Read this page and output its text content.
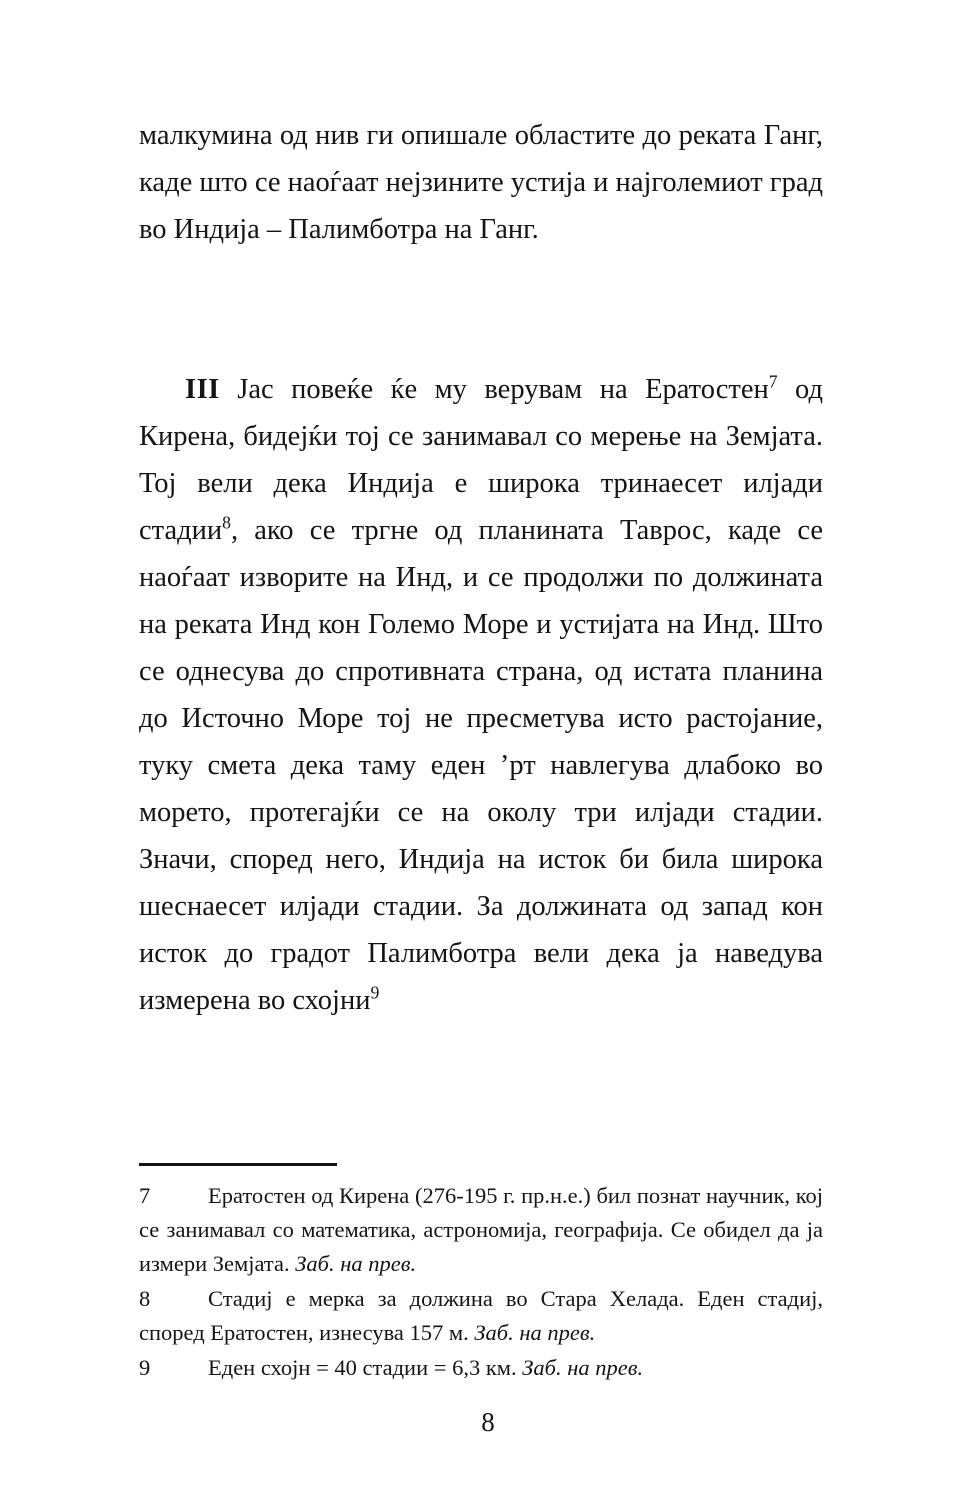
малкумина од нив ги опишале областите до реката Ганг, каде што се наоѓаат нејзините устија и најголемиот град во Индија – Палимботра на Ганг.

III Јас повеќе ќе му верувам на Ератостен$^7$ од Кирена, бидејќи тој се занимавал со мерење на Земјата. Тој вели дека Индија е широка тринаесет илјади стадии$^8$, ако се тргне од планината Таврос, каде се наоѓаат изворите на Инд, и се продолжи по должината на реката Инд кон Големо Море и устијата на Инд. Што се однесува до спротивната страна, од истата планина до Источно Море тој не пресметува исто растојание, туку смета дека таму еден ’рт навлегува длабоко во морето, протегајќи се на околу три илјади стадии. Значи, според него, Индија на исток би била широка шеснаесет илјади стадии. За должината од запад кон исток до градот Палимботра вели дека ја наведува измерена во схојни$^9$

7	Ератостен од Кирена (276-195 г. пр.н.е.) бил познат научник, кој се занимавал со математика, астрономија, географија. Се обидел да ја измери Земјата. Заб. на прев.

8	Стадиј е мерка за должина во Стара Хелада. Еден стадиј, според Ератостен, изнесува 157 м. Заб. на прев.

9	Еден схојн = 40 стадии = 6,3 км. Заб. на прев.

8
